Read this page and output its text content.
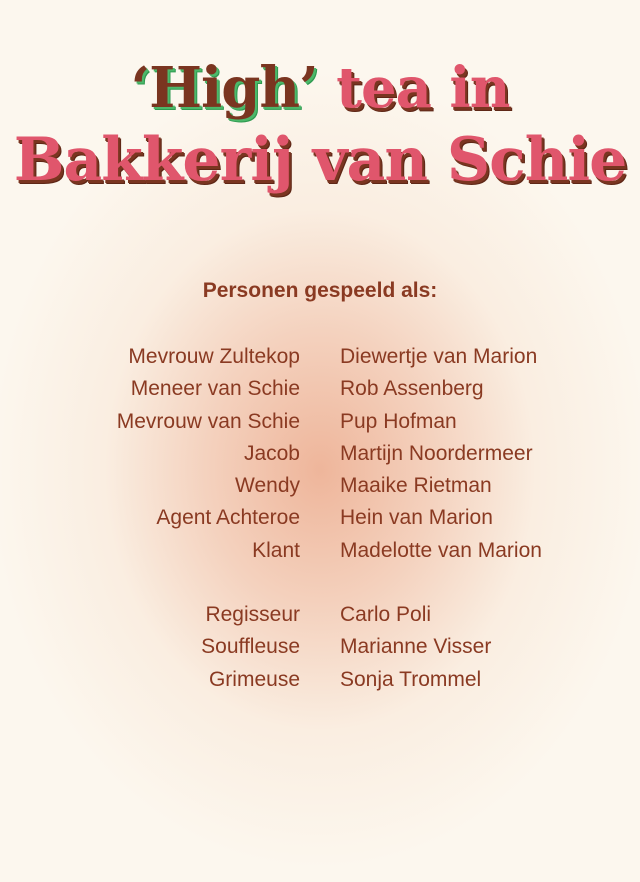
‘High’ tea in
Bakkerij van Schie
Personen gespeeld als:
Mevrouw Zultekop Diewertje van Marion
Meneer van Schie Rob Assenberg
Mevrouw van Schie Pup Hofman
Jacob Martijn Noordermeer
Wendy Maaike Rietman
Agent Achteroe Hein van Marion
Klant Madelotte van Marion
Regisseur Carlo Poli
Souffleuse Marianne Visser
Grimeuse Sonja Trommel
